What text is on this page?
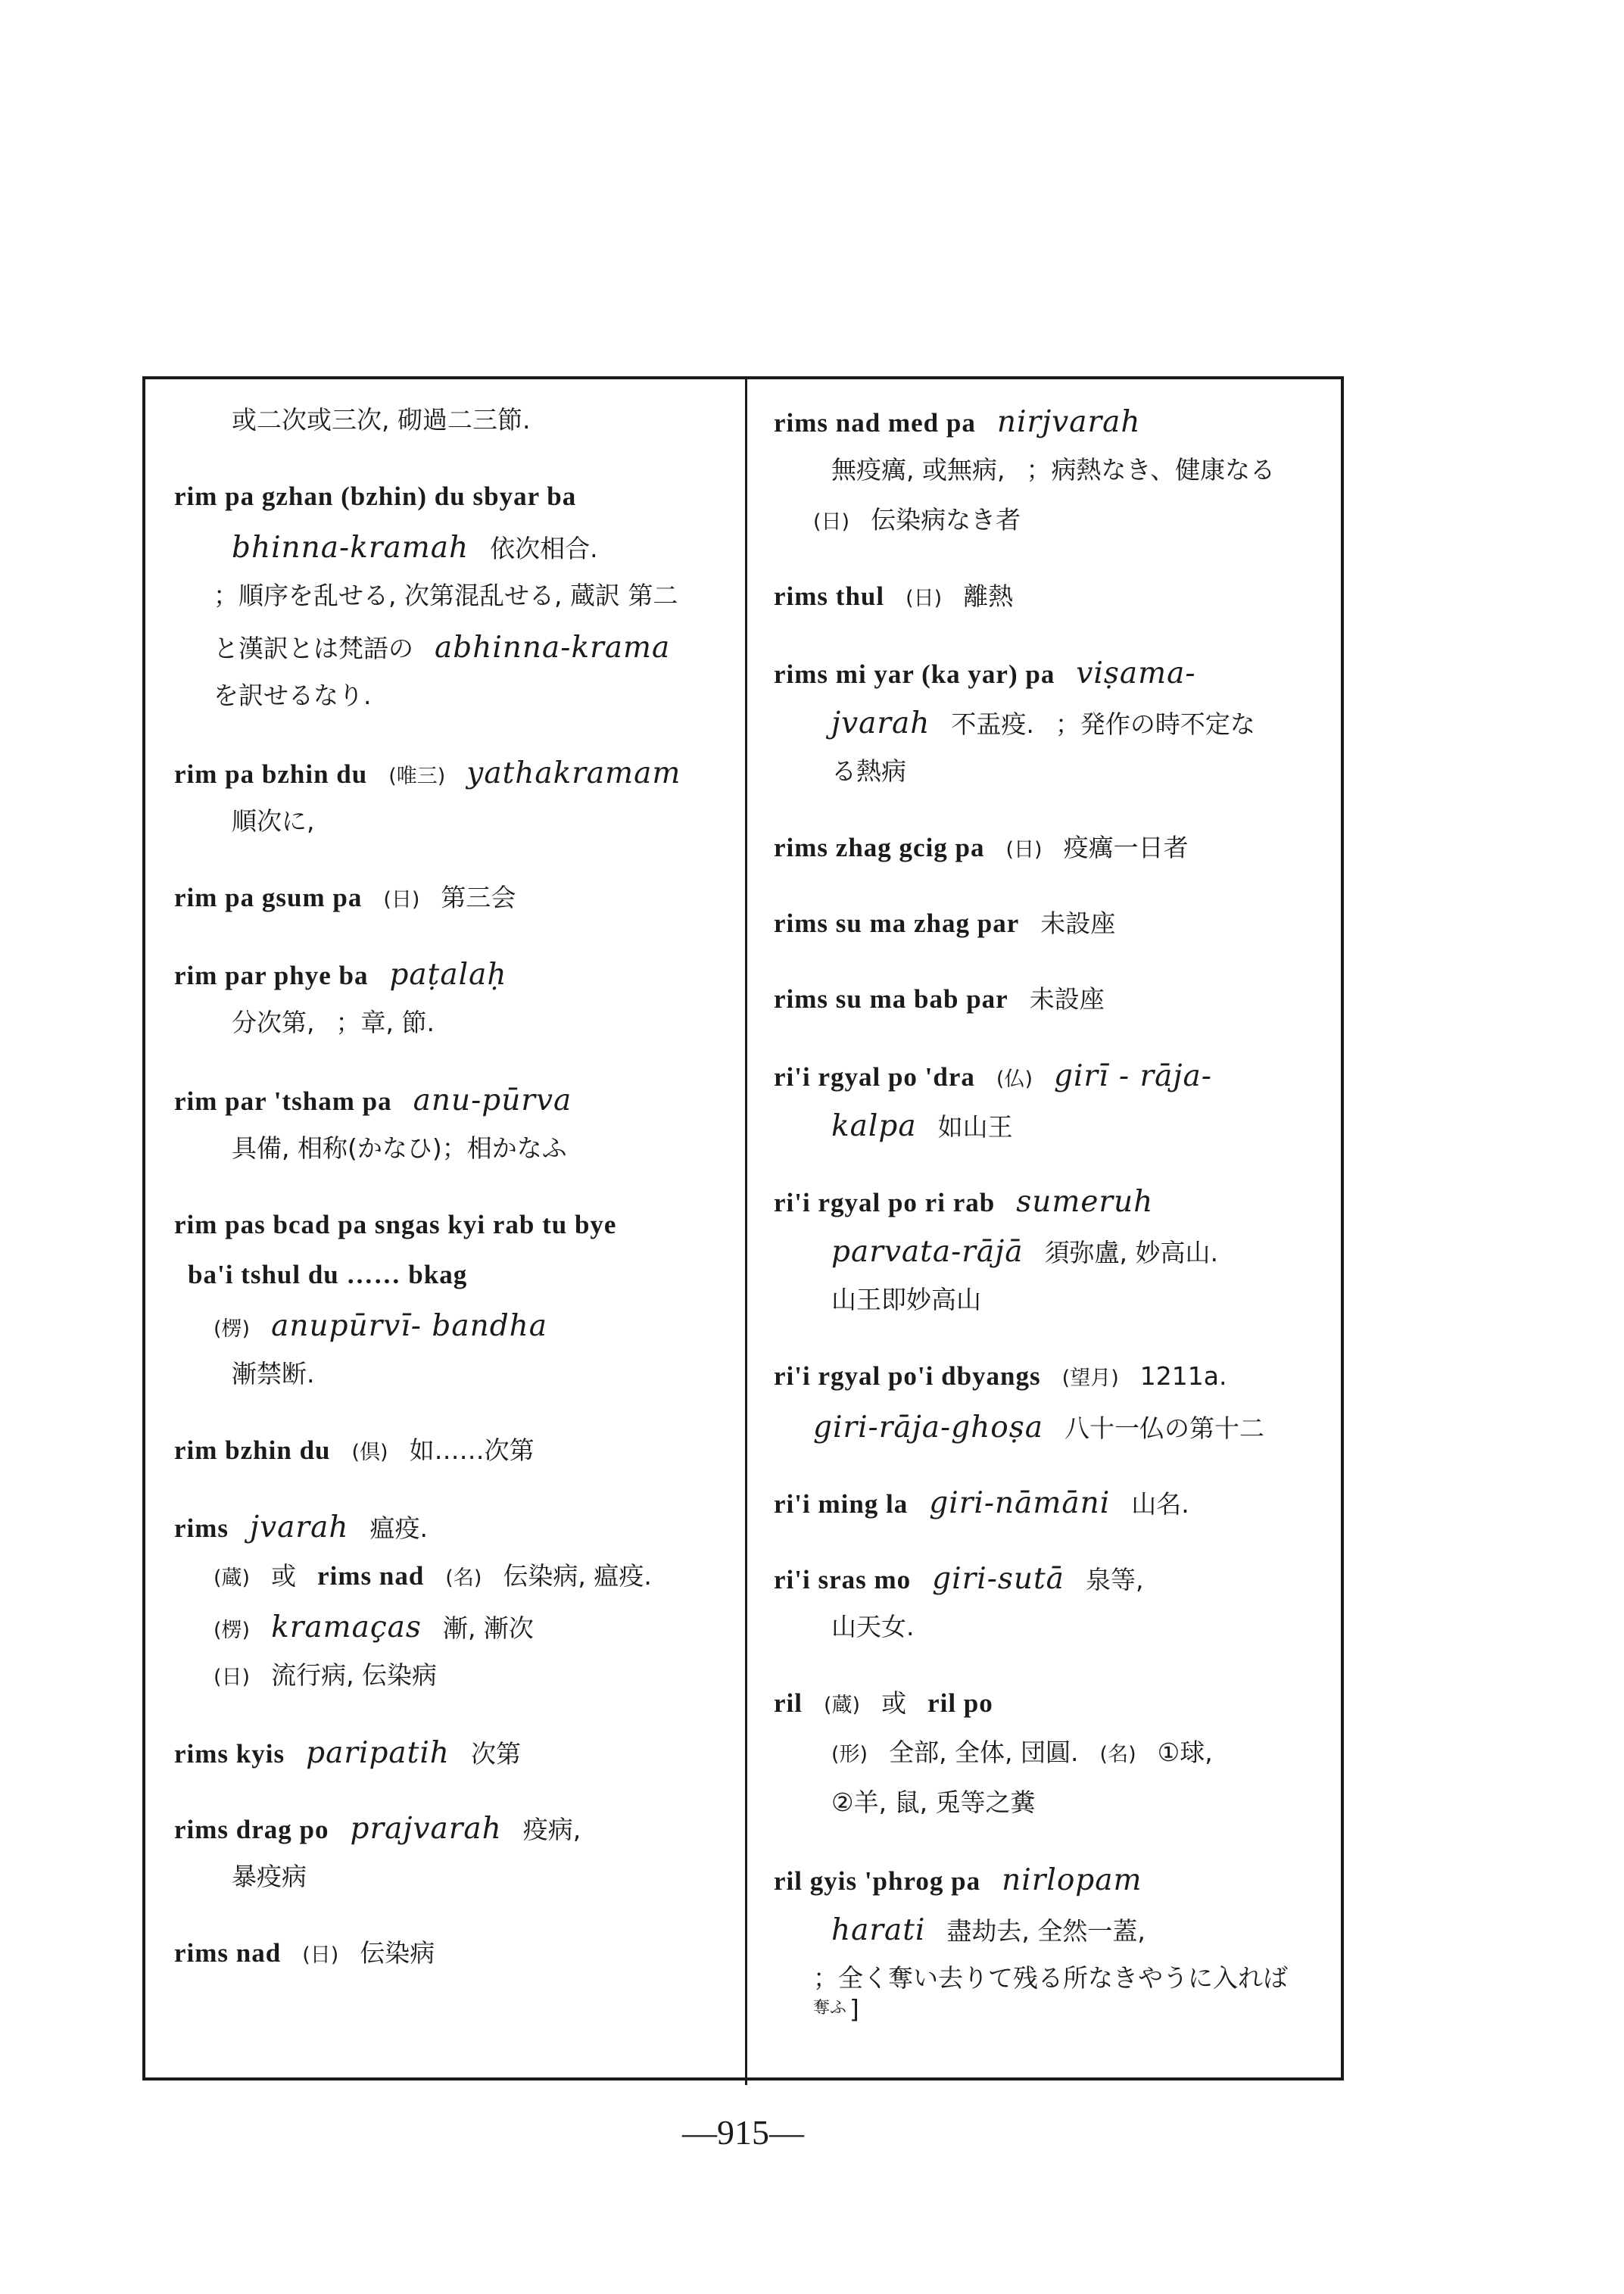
或二次或三次, 砌過二三節.
rim pa gzhan (bzhin) du sbyar ba
bhinna-kramah 依次相合.
；順序を乱せる, 次第混乱せる, 蔵訳 第二
と漢訳とは梵語の abhinna-krama
を訳せるなり.
rim pa bzhin du (唯三) yathakramam
順次に,
rim pa gsum pa (日) 第三会
rim par phye ba paṭalaḥ
分次第, ；章, 節.
rim par 'tsham pa anu-pūrva
具備, 相称(かなひ)；相かなふ
rim pas bcad pa sngas kyi rab tu bye
ba'i tshul du …… bkag
(楞) anupūrvī- bandha
漸禁断.
rim bzhin du (倶) 如……次第
rims jvarah 瘟疫.
(蔵) 或 rims nad (名) 伝染病, 瘟疫.
(楞) kramaças 漸, 漸次
(日) 流行病, 伝染病
rims kyis paripatih 次第
rims drag po prajvarah 疫病,
暴疫病
rims nad (日) 伝染病
rims nad med pa nirjvarah
無疫癘, 或無病, ；病熱なき、健康なる
(日) 伝染病なき者
rims thul (日) 離熱
rims mi yar (ka yar) pa viṣama-
jvarah 不盂疫. ；発作の時不定な
る熱病
rims zhag gcig pa (日) 疫癘一日者
rims su ma zhag par 未設座
rims su ma bab par 未設座
ri'i rgyal po 'dra (仏) girī - rāja-
kalpa 如山王
ri'i rgyal po ri rab sumeruh
parvata-rājā 須弥盧, 妙高山.
山王即妙高山
ri'i rgyal po'i dbyangs (望月) 1211a.
giri-rāja-ghoṣa 八十一仏の第十二
ri'i ming la giri-nāmāni 山名.
ri'i sras mo giri-sutā 泉等,
山天女.
ril (蔵) 或 ril po
(形) 全部, 全体, 団圓. (名) ①球,
②羊, 鼠, 兎等之糞
ril gyis 'phrog pa nirlopam
harati 盡劫去, 全然一蓋,
；全く奪い去りて残る所なきやうに入れば奪ふ ]
—915—
